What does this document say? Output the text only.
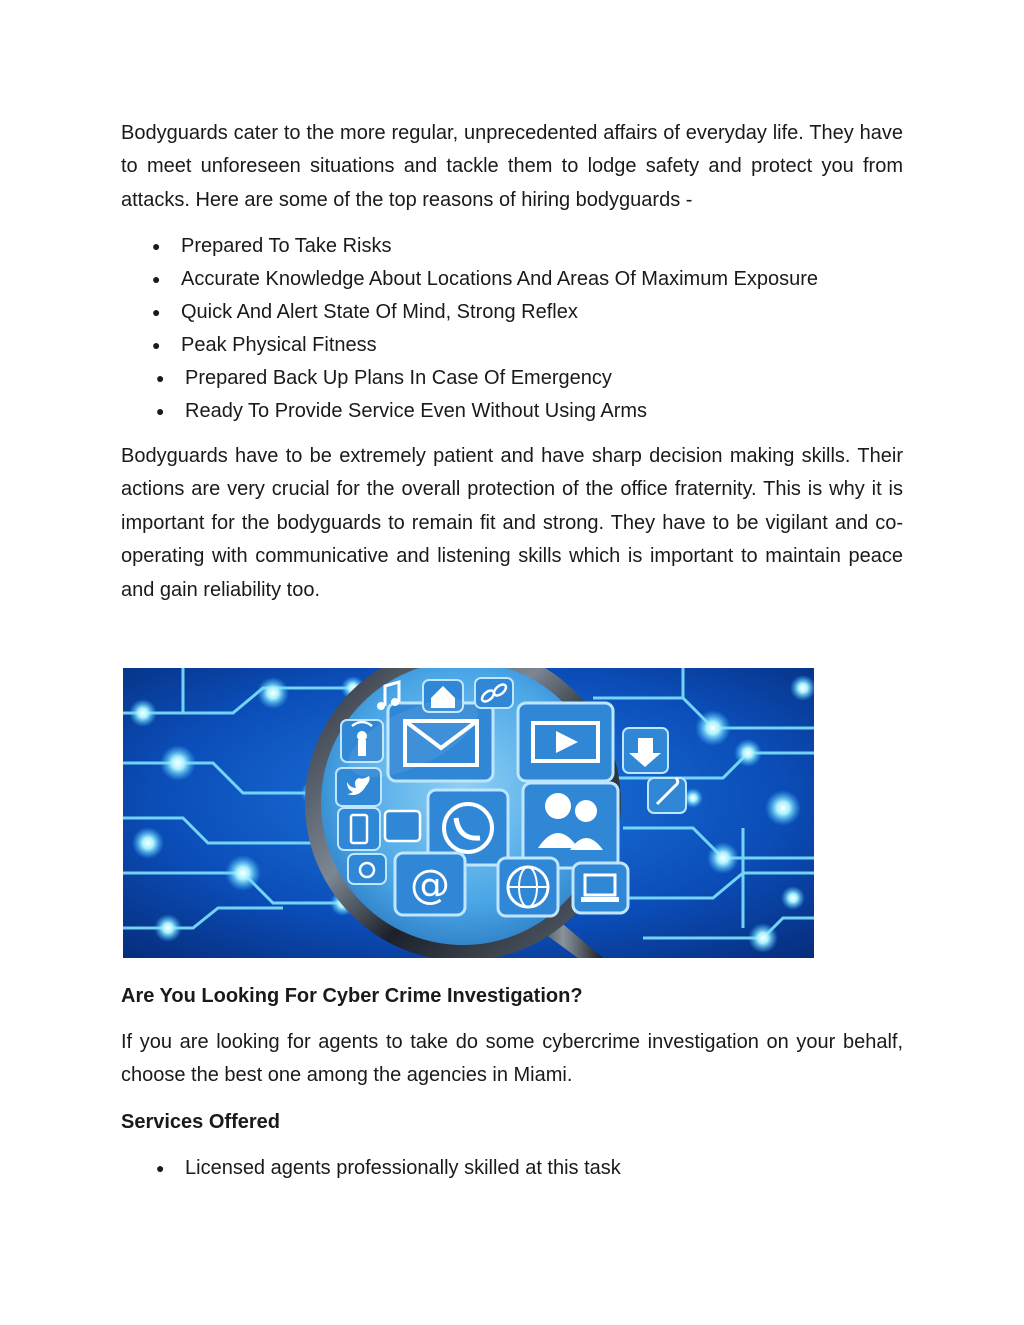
Bodyguards cater to the more regular, unprecedented affairs of everyday life. They have to meet unforeseen situations and tackle them to lodge safety and protect you from attacks. Here are some of the top reasons of hiring bodyguards -

● Prepared To Take Risks
● Accurate Knowledge About Locations And Areas Of Maximum Exposure
● Quick And Alert State Of Mind, Strong Reflex
● Peak Physical Fitness
● Prepared Back Up Plans In Case Of Emergency
● Ready To Provide Service Even Without Using Arms

Bodyguards have to be extremely patient and have sharp decision making skills. Their actions are very crucial for the overall protection of the office fraternity. This is why it is important for the bodyguards to remain fit and strong. They have to be vigilant and co-operating with communicative and listening skills which is important to maintain peace and gain reliability too.

@
Are You Looking For Cyber Crime Investigation?

If you are looking for agents to take do some cybercrime investigation on your behalf, choose the best one among the agencies in Miami.

Services Offered
● Licensed agents professionally skilled at this task
